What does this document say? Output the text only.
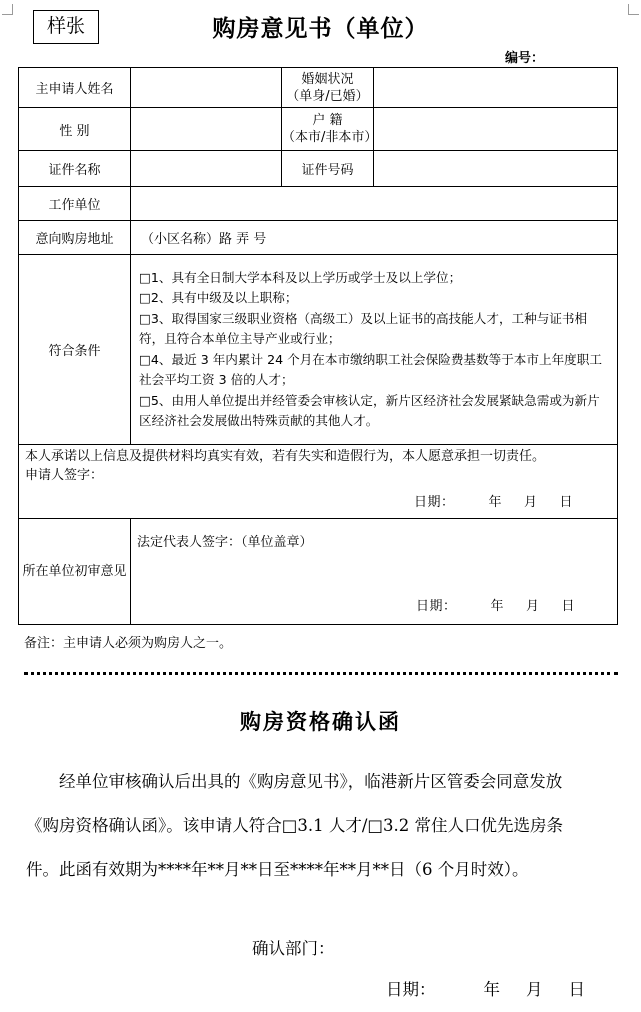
样张	购房意见书（单位）
编号：
主申请人姓名		婚姻状况
（单身/已婚）	

性 别		户 籍
（本市/非本市）	

证件名称		证件号码	
工作单位			
意向购房地址	（小区名称）路 弄 号		
符合条件	□1、具有全日制大学本科及以上学历或学士及以上学位；
□2、具有中级及以上职称；
□3、取得国家三级职业资格（高级工）及以上证书的高技能人才，工种与证书相符，且符合本单位主导产业或行业；
□4、最近 3 年内累计 24 个月在本市缴纳职工社会保险费基数等于本市上年度职工社会平均工资 3 倍的人才；
□5、由用人单位提出并经管委会审核认定，新片区经济社会发展紧缺急需或为新片区经济社会发展做出特殊贡献的其他人才。		

本人承诺以上信息及提供材料均真实有效，若有失实和造假行为，本人愿意承担一切责任。
申请人签字：
日期： 年 月 日			

所在单位初审意见	法定代表人签字：（单位盖章）
日期： 年 月 日		
备注：主申请人必须为购房人之一。
购房资格确认函

经单位审核确认后出具的《购房意见书》，临港新片区管委会同意发放《购房资格确认函》。该申请人符合□3.1 人才/□3.2 常住人口优先选房条件。此函有效期为****年**月**日至****年**月**日（6 个月时效）。

确认部门：
日期：	年 月 日
